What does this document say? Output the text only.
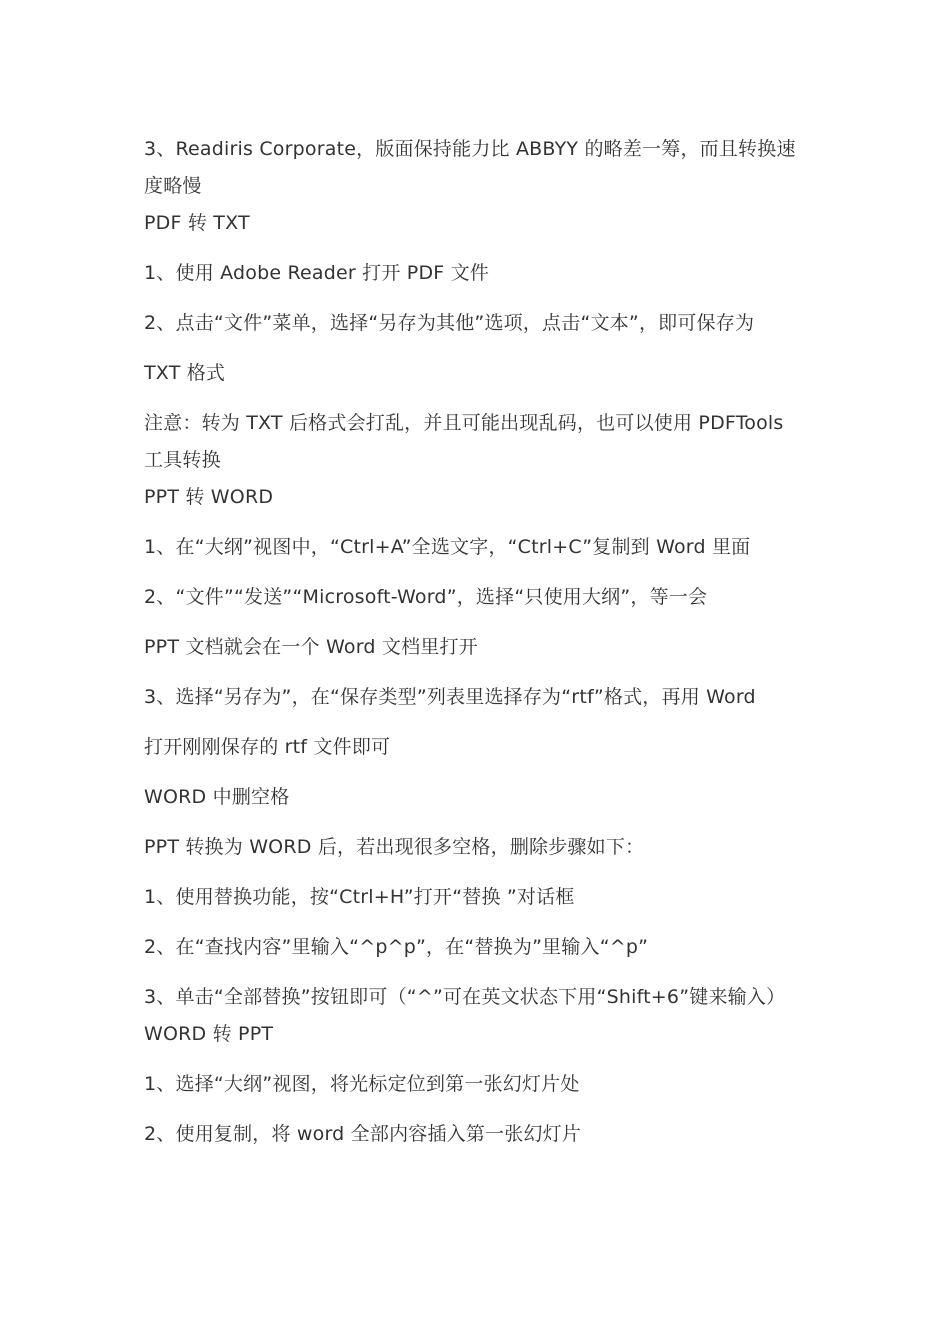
3、Readiris Corporate，版面保持能力比 ABBYY 的略差一筹，而且转换速度略慢

PDF 转 TXT

1、使用 Adobe Reader 打开 PDF 文件

2、点击“文件”菜单，选择“另存为其他”选项，点击“文本”，即可保存为

TXT 格式

注意：转为 TXT 后格式会打乱，并且可能出现乱码，也可以使用 PDFTools 工具转换

PPT 转 WORD

1、在“大纲”视图中，“Ctrl+A”全选文字，“Ctrl+C”复制到 Word 里面

2、“文件”“发送”“Microsoft-Word”，选择“只使用大纲”，等一会

PPT 文档就会在一个 Word 文档里打开

3、选择“另存为”，在“保存类型”列表里选择存为“rtf”格式，再用 Word

打开刚刚保存的 rtf 文件即可

WORD 中删空格

PPT 转换为 WORD 后，若出现很多空格，删除步骤如下：

1、使用替换功能，按“Ctrl+H”打开“替换 ”对话框

2、在“查找内容”里输入“^p^p”，在“替换为”里输入“^p”

3、单击“全部替换”按钮即可（“^”可在英文状态下用“Shift+6”键来输入）

WORD 转 PPT

1、选择“大纲”视图，将光标定位到第一张幻灯片处

2、使用复制，将 word 全部内容插入第一张幻灯片
